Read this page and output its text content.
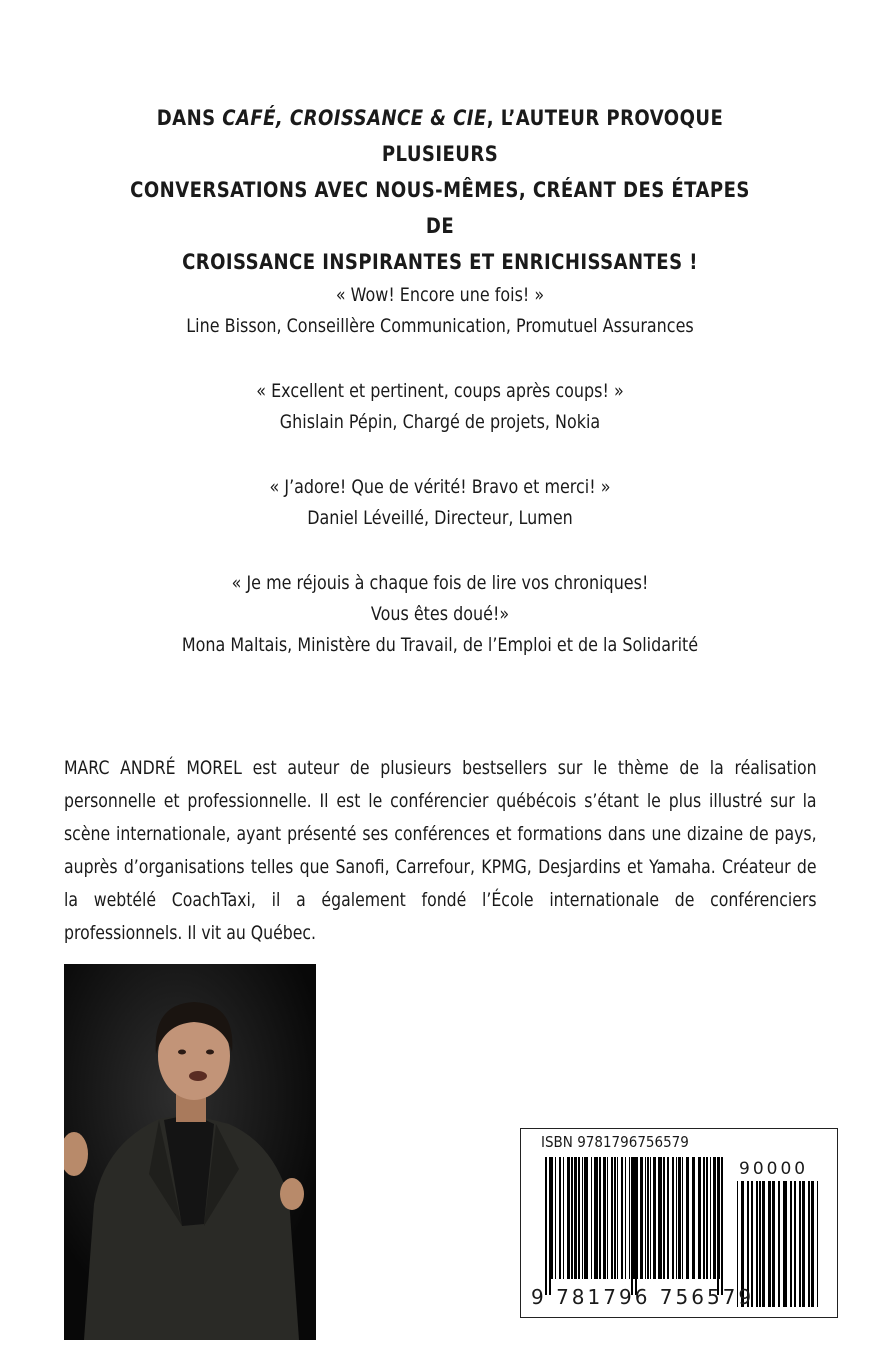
DANS CAFÉ, CROISSANCE & CIE, L’AUTEUR PROVOQUE PLUSIEURS
CONVERSATIONS AVEC NOUS-MÊMES, CRÉANT DES ÉTAPES DE
CROISSANCE INSPIRANTES ET ENRICHISSANTES !

« Wow! Encore une fois! »

Line Bisson, Conseillère Communication, Promutuel Assurances

« Excellent et pertinent, coups après coups! »

Ghislain Pépin, Chargé de projets, Nokia

« J’adore! Que de vérité! Bravo et merci! »

Daniel Léveillé, Directeur, Lumen

« Je me réjouis à chaque fois de lire vos chroniques!

Vous êtes doué!»

Mona Maltais, Ministère du Travail, de l’Emploi et de la Solidarité

MARC ANDRÉ MOREL est auteur de plusieurs bestsellers sur le thème de la réalisation personnelle et professionnelle. Il est le conférencier québécois s’étant le plus illustré sur la scène internationale, ayant présenté ses conférences et formations dans une dizaine de pays, auprès d’organisations telles que Sanofi, Carrefour, KPMG, Desjardins et Yamaha. Créateur de la webtélé CoachTaxi, il a également fondé l’École internationale de conférenciers professionnels. Il vit au Québec.
ISBN 9781796756579
90000
9 781796 756579
